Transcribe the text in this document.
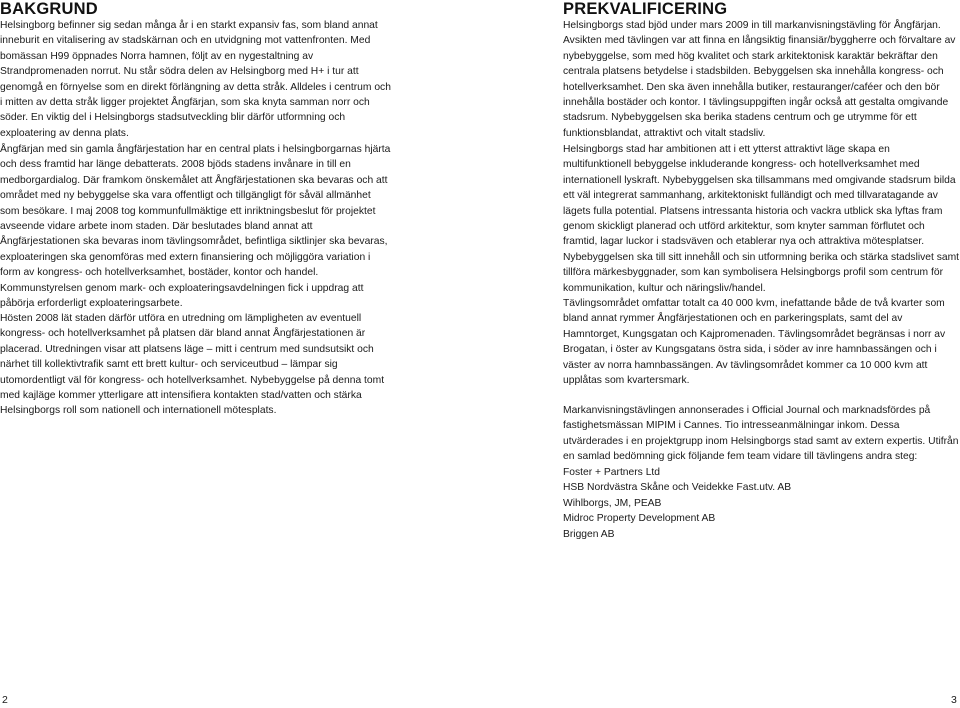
BAKGRUND

Helsingborg befinner sig sedan många år i en starkt expansiv fas, som bland annat inneburit en vitalisering av stadskärnan och en utvidgning mot vattenfronten. Med bomässan H99 öppnades Norra hamnen, följt av en nygestaltning av Strandpromenaden norrut. Nu står södra delen av Helsingborg med H+ i tur att genomgå en förnyelse som en direkt förlängning av detta stråk. Alldeles i centrum och i mitten av detta stråk ligger projektet Ångfärjan, som ska knyta samman norr och söder. En viktig del i Helsingborgs stadsutveckling blir därför utformning och exploatering av denna plats.

Ångfärjan med sin gamla ångfärjestation har en central plats i helsingborgarnas hjärta och dess framtid har länge debatterats. 2008 bjöds stadens invånare in till en medborgardialog. Där framkom önskemålet att Ångfärjestationen ska bevaras och att området med ny bebyggelse ska vara offentligt och tillgängligt för såväl allmänhet som besökare. I maj 2008 tog kommunfullmäktige ett inriktningsbeslut för projektet avseende vidare arbete inom staden. Där beslutades bland annat att Ångfärjestationen ska bevaras inom tävlingsområdet, befintliga siktlinjer ska bevaras, exploateringen ska genomföras med extern finansiering och möjliggöra variation i form av kongress- och hotellverksamhet, bostäder, kontor och handel. Kommunstyrelsen genom mark- och exploateringsavdelningen fick i uppdrag att påbörja erforderligt exploateringsarbete.

Hösten 2008 lät staden därför utföra en utredning om lämpligheten av eventuell kongress- och hotellverksamhet på platsen där bland annat Ångfärjestationen är placerad. Utredningen visar att platsens läge – mitt i centrum med sundsutsikt och närhet till kollektivtrafik samt ett brett kultur- och serviceutbud – lämpar sig utomordentligt väl för kongress- och hotellverksamhet. Nybebyggelse på denna tomt med kajläge kommer ytterligare att intensifiera kontakten stad/vatten och stärka Helsingborgs roll som nationell och internationell mötesplats.

PREKVALIFICERING

Helsingborgs stad bjöd under mars 2009 in till markanvisningstävling för Ångfärjan. Avsikten med tävlingen var att finna en långsiktig finansiär/byggherre och förvaltare av nybebyggelse, som med hög kvalitet och stark arkitektonisk karaktär bekräftar den centrala platsens betydelse i stadsbilden. Bebyggelsen ska innehålla kongress- och hotellverksamhet. Den ska även innehålla butiker, restauranger/caféer och den bör innehålla bostäder och kontor. I tävlingsuppgiften ingår också att gestalta omgivande stadsrum. Nybebyggelsen ska berika stadens centrum och ge utrymme för ett funktionsblandat, attraktivt och vitalt stadsliv.

Helsingborgs stad har ambitionen att i ett ytterst attraktivt läge skapa en multifunktionell bebyggelse inkluderande kongress- och hotellverksamhet med internationell lyskraft. Nybebyggelsen ska tillsammans med omgivande stadsrum bilda ett väl integrerat sammanhang, arkitektoniskt fulländigt och med tillvaratagande av lägets fulla potential. Platsens intressanta historia och vackra utblick ska lyftas fram genom skickligt planerad och utförd arkitektur, som knyter samman förflutet och framtid, lagar luckor i stadsväven och etablerar nya och attraktiva mötesplatser. Nybebyggelsen ska till sitt innehåll och sin utformning berika och stärka stadslivet samt tillföra märkesbyggnader, som kan symbolisera Helsingborgs profil som centrum för kommunikation, kultur och näringsliv/handel.

Tävlingsområdet omfattar totalt ca 40 000 kvm, inefattande både de två kvarter som bland annat rymmer Ångfärjestationen och en parkeringsplats, samt del av Hamntorget, Kungsgatan och Kajpromenaden. Tävlingsområdet begränsas i norr av Brogatan, i öster av Kungsgatans östra sida, i söder av inre hamnbassängen och i väster av norra hamnbassängen. Av tävlingsområdet kommer ca 10 000 kvm att upplåtas som kvartersmark.

Markanvisningstävlingen annonserades i Official Journal och marknadsfördes på fastighetsmässan MIPIM i Cannes. Tio intresseanmälningar inkom. Dessa utvärderades i en projektgrupp inom Helsingborgs stad samt av extern expertis. Utifrån en samlad bedömning gick följande fem team vidare till tävlingens andra steg:

Foster + Partners Ltd

HSB Nordvästra Skåne och Veidekke Fast.utv. AB

Wihlborgs, JM, PEAB

Midroc Property Development AB

Briggen AB

2	3
